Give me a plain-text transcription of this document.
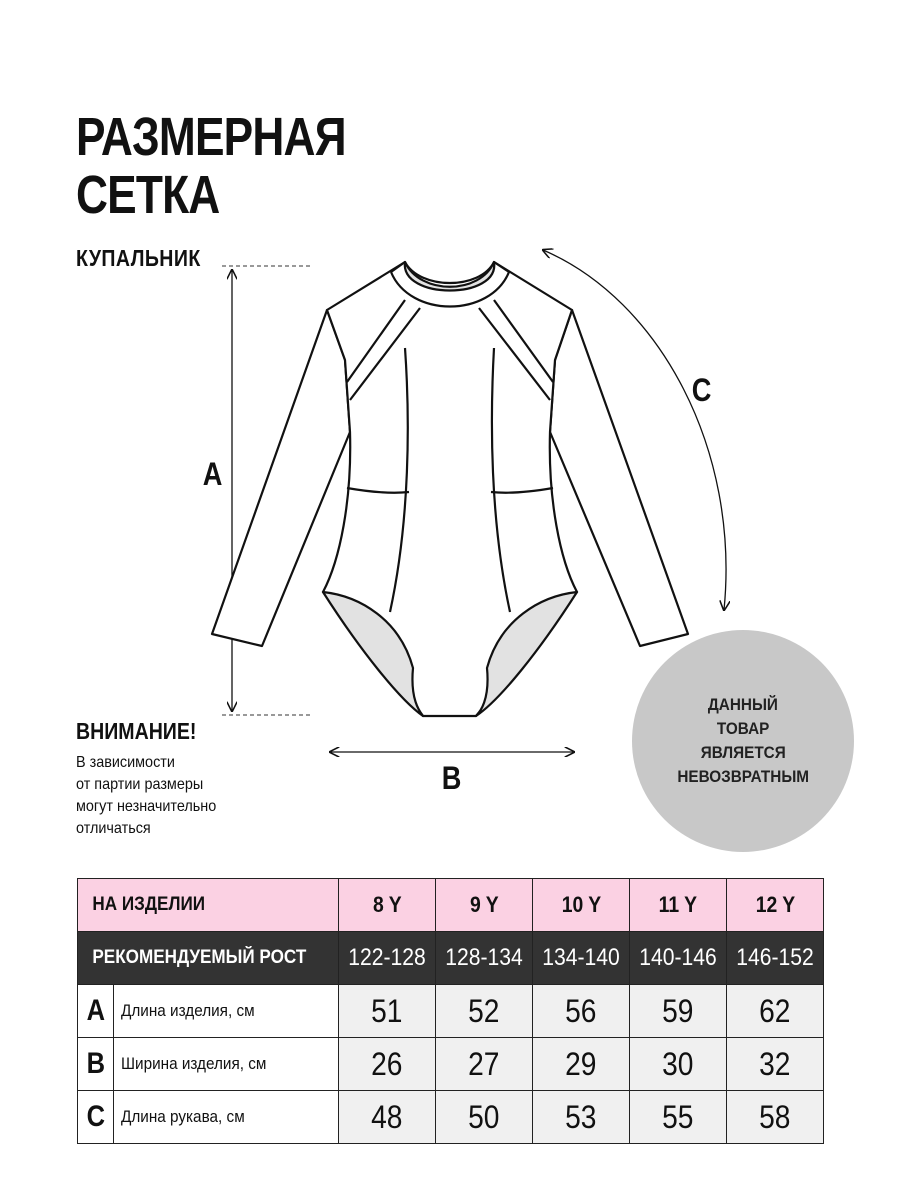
РАЗМЕРНАЯ
СЕТКА
КУПАЛЬНИК
A
B
C
ВНИМАНИЕ!
В зависимости
от партии размеры
могут незначительно
отличаться
ДАННЫЙ
ТОВАР
ЯВЛЯЕТСЯ
НЕВОЗВРАТНЫМ
НА ИЗДЕЛИИ		8 Y	9 Y	10 Y	11 Y	12 Y

РЕКОМЕНДУЕМЫЙ РОСТ		122-128	128-134	134-140	140-146	146-152
A	Длина изделия, см	51	52	56	59	62
B	Ширина изделия, см	26	27	29	30	32
C	Длина рукава, см	48	50	53	55	58
